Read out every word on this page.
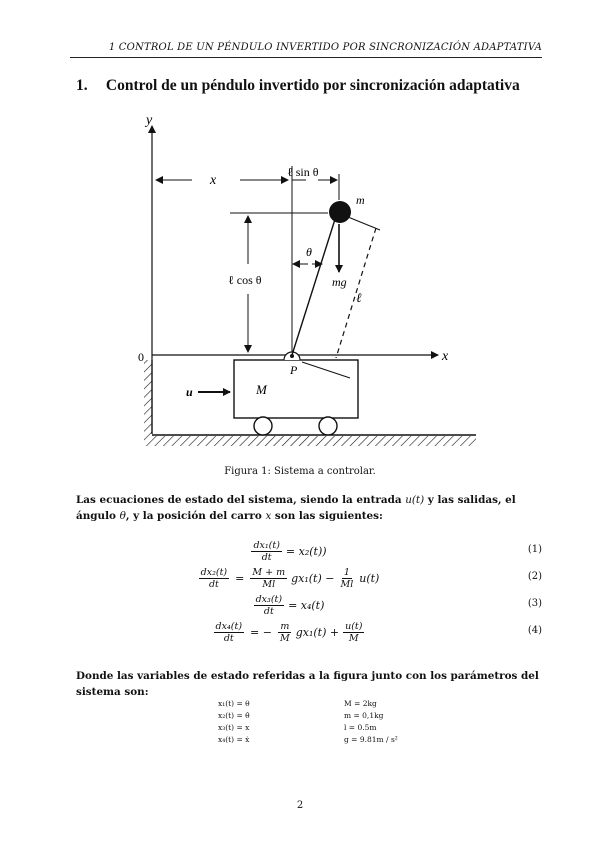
1 CONTROL DE UN PÉNDULO INVERTIDO POR SINCRONIZACIÓN ADAPTATIVA
1. Control de un péndulo invertido por sincronización adaptativa
y
x
0
x
ℓ sin θ
ℓ cos θ
θ
m
mg
ℓ
P
u	M
Figura 1: Sistema a controlar.
Las ecuaciones de estado del sistema, siendo la entrada u(t) y las salidas, el ángulo θ, y la posición del carro x son las siguientes:
$\frac{\text{dx₁(t)}}{dt} = x_2(t)$)	(1)
$\frac{\text{dx₂(t)}}{dt} = \frac{M + m}{Ml} gx_1(t) - \frac{1}{Ml} u(t)$	(2)
$\frac{\text{dx₃(t)}}{dt} = x_4(t)$	(3)
$\frac{\text{dx₄(t)}}{dt}$ = − $\frac{m}{M} gx_1(t) + \frac{u(t)}{M}$	(4)
Donde las variables de estado referidas a la figura junto con los parámetros del sistema son:
x₁(t) = θ	M = 2kg
x₂(t) = θ̇	m = 0,1kg
x₃(t) = x	l = 0.5m
x₄(t) = ẋ	g = 9.81m / s²
2
